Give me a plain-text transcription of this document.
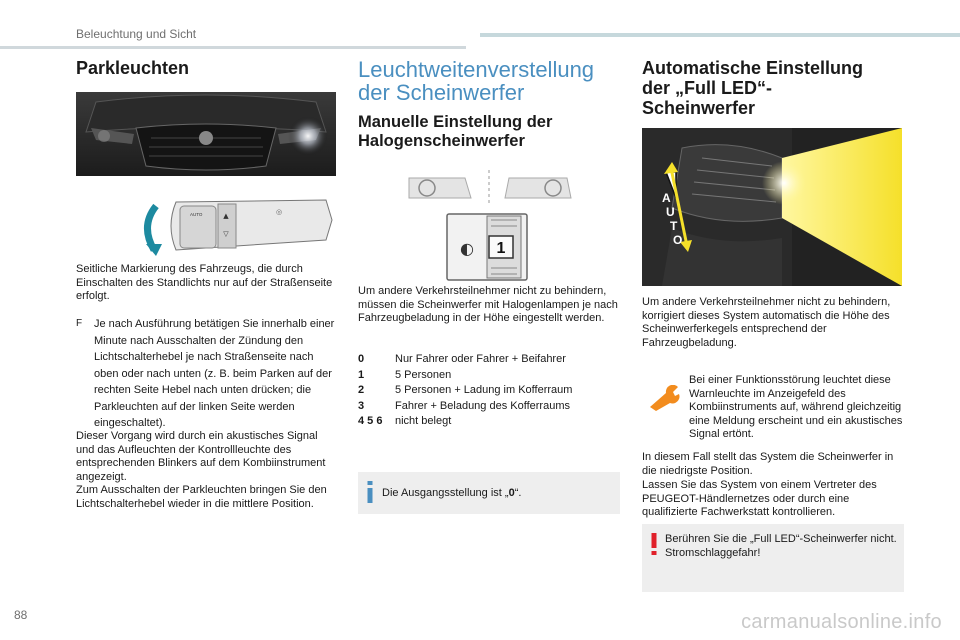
Beleuchtung und Sicht
Parkleuchten
AUTO	▲
▽
◎
Seitliche Markierung des Fahrzeugs, die durch Einschalten des Standlichts nur auf der Straßenseite erfolgt.
F	Je nach Ausführung betätigen Sie innerhalb einer Minute nach Ausschalten der Zündung den Lichtschalterhebel je nach Straßenseite nach oben oder nach unten (z. B. beim Parken auf der rechten Seite Hebel nach unten drücken; die Parkleuchten auf der linken Seite werden eingeschaltet).
Dieser Vorgang wird durch ein akustisches Signal und das Aufleuchten der Kontrollleuchte des entsprechenden Blinkers auf dem Kombiinstrument angezeigt.
Zum Ausschalten der Parkleuchten bringen Sie den Lichtschalterhebel wieder in die mittlere Position.
Leuchtweitenverstellung
der Scheinwerfer
Manuelle Einstellung der
Halogenscheinwerfer
1
◐
Um andere Verkehrsteilnehmer nicht zu behindern, müssen die Scheinwerfer mit Halogenlampen je nach Fahrzeugbeladung in der Höhe eingestellt werden.
0	Nur Fahrer oder Fahrer + Beifahrer
1	5 Personen
2	5 Personen + Ladung im Kofferraum
3	Fahrer + Beladung des Kofferraums
4 5 6	nicht belegt
Die Ausgangsstellung ist „0“.
Automatische Einstellung
der „Full LED“-
Scheinwerfer
A
U
T
O
Um andere Verkehrsteilnehmer nicht zu behindern, korrigiert dieses System automatisch die Höhe des Scheinwerferkegels entsprechend der Fahrzeugbeladung.
Bei einer Funktionsstörung leuchtet diese Warnleuchte im Anzeigefeld des Kombiinstruments auf, während gleichzeitig eine Meldung erscheint und ein akustisches Signal ertönt.
In diesem Fall stellt das System die Scheinwerfer in die niedrigste Position.
Lassen Sie das System von einem Vertreter des PEUGEOT-Händlernetzes oder durch eine qualifizierte Fachwerkstatt kontrollieren.
Berühren Sie die „Full LED“-Scheinwerfer nicht. Stromschlaggefahr!
88	carmanualsonline.info
